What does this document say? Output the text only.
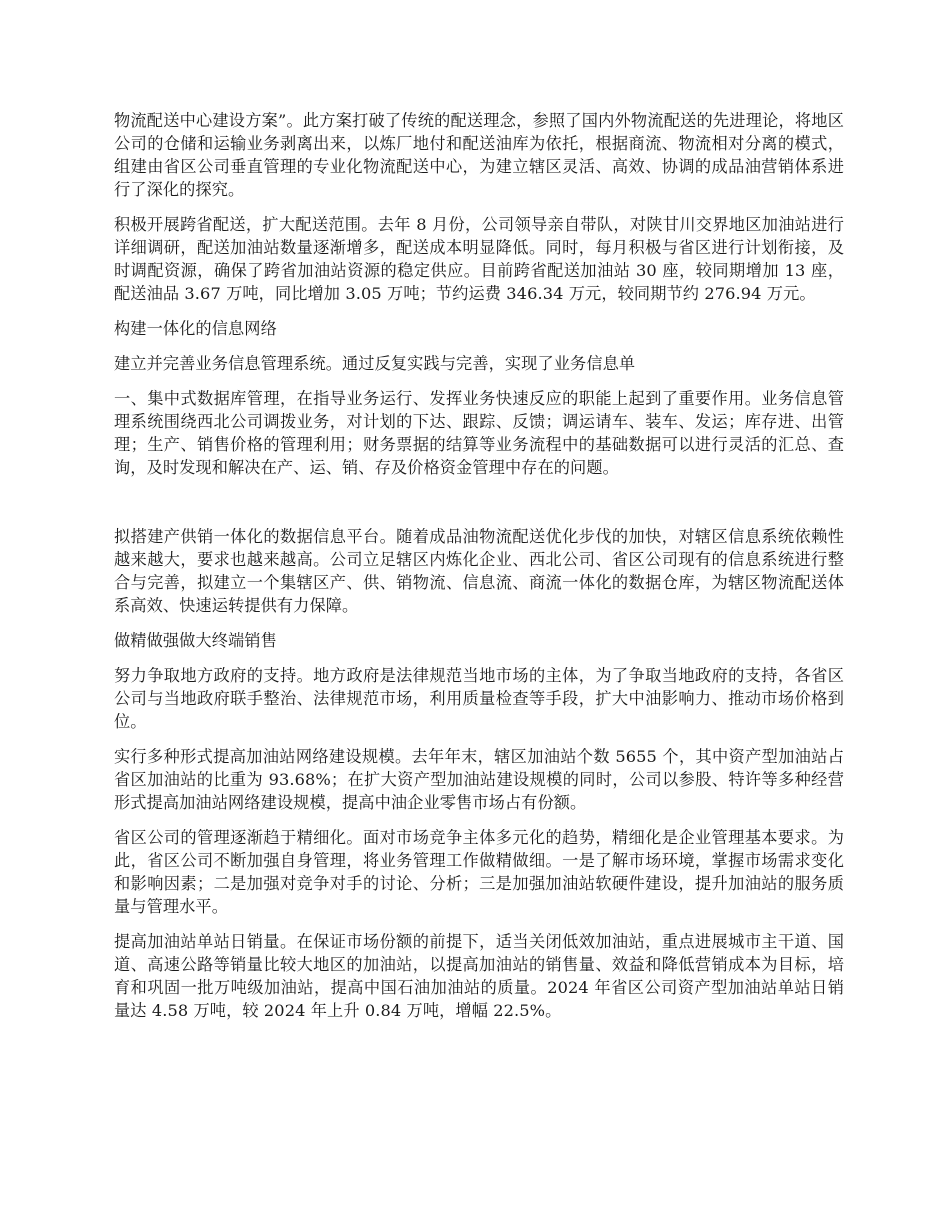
物流配送中心建设方案”。此方案打破了传统的配送理念，参照了国内外物流配送的先进理论，将地区公司的仓储和运输业务剥离出来，以炼厂地付和配送油库为依托，根据商流、物流相对分离的模式，组建由省区公司垂直管理的专业化物流配送中心，为建立辖区灵活、高效、协调的成品油营销体系进行了深化的探究。

积极开展跨省配送，扩大配送范围。去年 8 月份，公司领导亲自带队，对陕甘川交界地区加油站进行详细调研，配送加油站数量逐渐增多，配送成本明显降低。同时，每月积极与省区进行计划衔接，及时调配资源，确保了跨省加油站资源的稳定供应。目前跨省配送加油站 30 座，较同期增加 13 座，配送油品 3.67 万吨，同比增加 3.05 万吨；节约运费 346.34 万元，较同期节约 276.94 万元。

构建一体化的信息网络

建立并完善业务信息管理系统。通过反复实践与完善，实现了业务信息单

一、集中式数据库管理，在指导业务运行、发挥业务快速反应的职能上起到了重要作用。业务信息管理系统围绕西北公司调拨业务，对计划的下达、跟踪、反馈；调运请车、装车、发运；库存进、出管理；生产、销售价格的管理利用；财务票据的结算等业务流程中的基础数据可以进行灵活的汇总、查询，及时发现和解决在产、运、销、存及价格资金管理中存在的问题。

拟搭建产供销一体化的数据信息平台。随着成品油物流配送优化步伐的加快，对辖区信息系统依赖性越来越大，要求也越来越高。公司立足辖区内炼化企业、西北公司、省区公司现有的信息系统进行整合与完善，拟建立一个集辖区产、供、销物流、信息流、商流一体化的数据仓库，为辖区物流配送体系高效、快速运转提供有力保障。

做精做强做大终端销售

努力争取地方政府的支持。地方政府是法律规范当地市场的主体，为了争取当地政府的支持，各省区公司与当地政府联手整治、法律规范市场，利用质量检查等手段，扩大中油影响力、推动市场价格到位。

实行多种形式提高加油站网络建设规模。去年年末，辖区加油站个数 5655 个，其中资产型加油站占省区加油站的比重为 93.68%；在扩大资产型加油站建设规模的同时，公司以参股、特许等多种经营形式提高加油站网络建设规模，提高中油企业零售市场占有份额。

省区公司的管理逐渐趋于精细化。面对市场竞争主体多元化的趋势，精细化是企业管理基本要求。为此，省区公司不断加强自身管理，将业务管理工作做精做细。一是了解市场环境，掌握市场需求变化和影响因素；二是加强对竞争对手的讨论、分析；三是加强加油站软硬件建设，提升加油站的服务质量与管理水平。

提高加油站单站日销量。在保证市场份额的前提下，适当关闭低效加油站，重点进展城市主干道、国道、高速公路等销量比较大地区的加油站，以提高加油站的销售量、效益和降低营销成本为目标，培育和巩固一批万吨级加油站，提高中国石油加油站的质量。2024 年省区公司资产型加油站单站日销量达 4.58 万吨，较 2024 年上升 0.84 万吨，增幅 22.5%。
